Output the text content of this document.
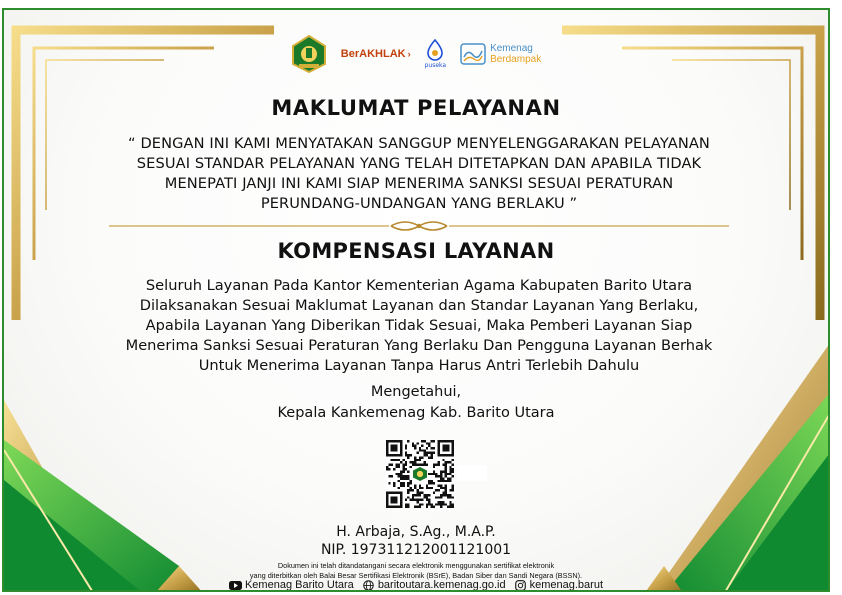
BerAKHLAK ›
puseka
Kemenag
Berdampak
MAKLUMAT PELAYANAN
“ DENGAN INI KAMI MENYATAKAN SANGGUP MENYELENGGARAKAN PELAYANAN
SESUAI STANDAR PELAYANAN YANG TELAH DITETAPKAN DAN APABILA TIDAK
MENEPATI JANJI INI KAMI SIAP MENERIMA SANKSI SESUAI PERATURAN
PERUNDANG-UNDANGAN YANG BERLAKU ”
KOMPENSASI LAYANAN
Seluruh Layanan Pada Kantor Kementerian Agama Kabupaten Barito Utara
Dilaksanakan Sesuai Maklumat Layanan dan Standar Layanan Yang Berlaku,
Apabila Layanan Yang Diberikan Tidak Sesuai, Maka Pemberi Layanan Siap
Menerima Sanksi Sesuai Peraturan Yang Berlaku Dan Pengguna Layanan Berhak
Untuk Menerima Layanan Tanpa Harus Antri Terlebih Dahulu
Mengetahui,
Kepala Kankemenag Kab. Barito Utara
H. Arbaja, S.Ag., M.A.P.
NIP. 197311212001121001
Dokumen ini telah ditandatangani secara elektronik menggunakan sertifikat elektronik
yang diterbitkan oleh Balai Besar Sertifikasi Elektronik (BSrE), Badan Siber dan Sandi Negara (BSSN).
Kemenag Barito Utara baritoutara.kemenag.go.id kemenag.barut
